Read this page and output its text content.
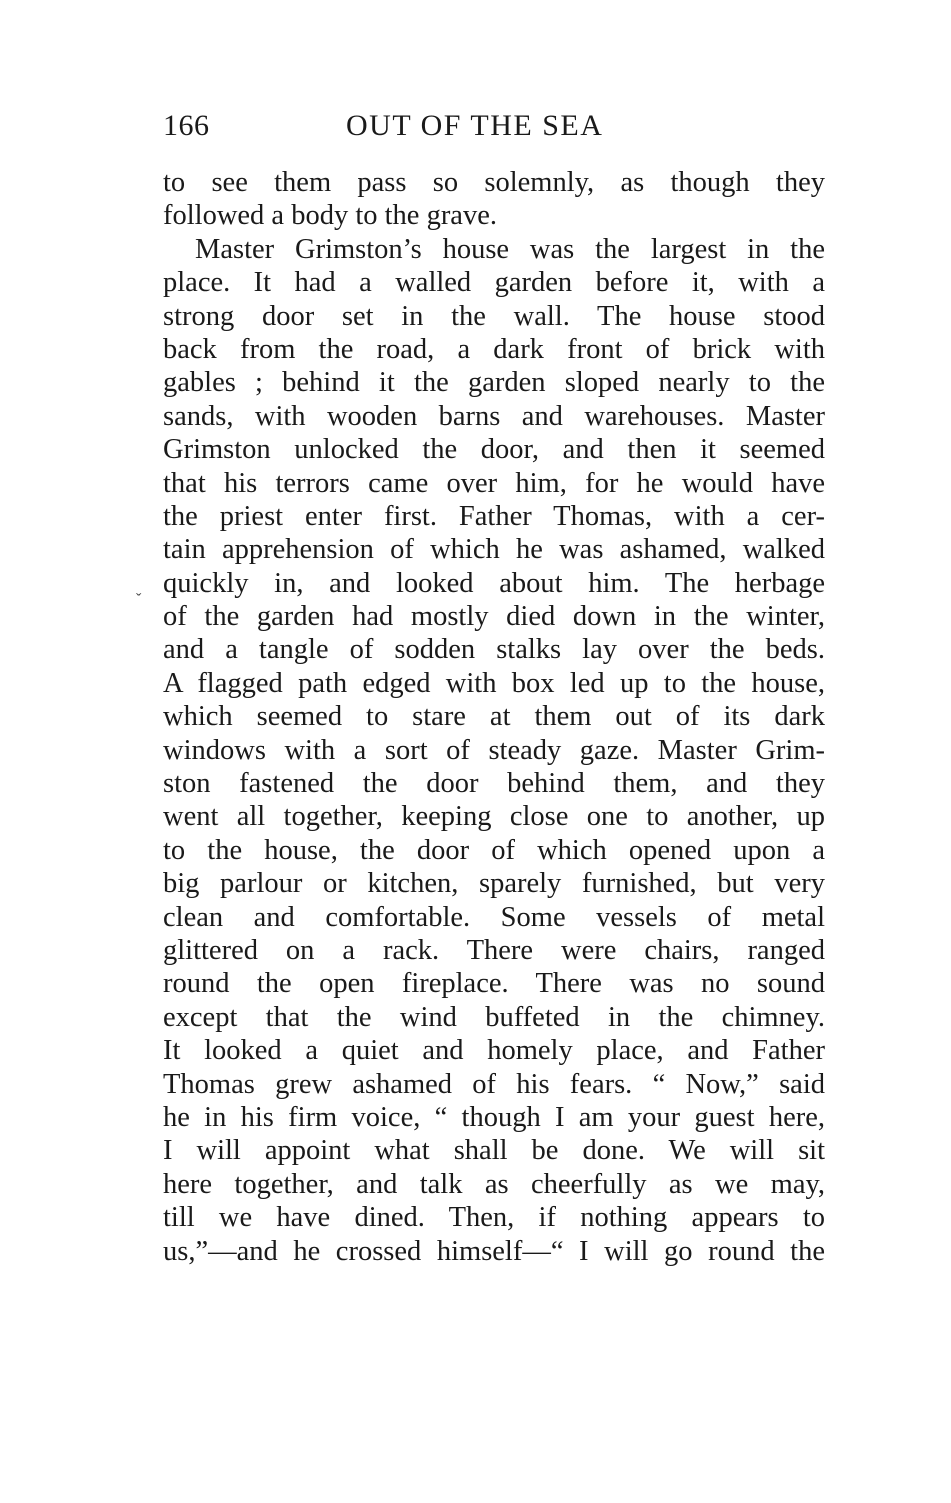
166	OUT OF THE SEA
ˇ
to see them pass so solemnly, as though they
followed a body to the grave.
Master Grimston’s house was the largest in the
place. It had a walled garden before it, with a
strong door set in the wall. The house stood
back from the road, a dark front of brick with
gables ; behind it the garden sloped nearly to the
sands, with wooden barns and warehouses. Master
Grimston unlocked the door, and then it seemed
that his terrors came over him, for he would have
the priest enter first. Father Thomas, with a cer-
tain apprehension of which he was ashamed, walked
quickly in, and looked about him. The herbage
of the garden had mostly died down in the winter,
and a tangle of sodden stalks lay over the beds.
A flagged path edged with box led up to the house,
which seemed to stare at them out of its dark
windows with a sort of steady gaze. Master Grim-
ston fastened the door behind them, and they
went all together, keeping close one to another, up
to the house, the door of which opened upon a
big parlour or kitchen, sparely furnished, but very
clean and comfortable. Some vessels of metal
glittered on a rack. There were chairs, ranged
round the open fireplace. There was no sound
except that the wind buffeted in the chimney.
It looked a quiet and homely place, and Father
Thomas grew ashamed of his fears. “ Now,” said
he in his firm voice, “ though I am your guest here,
I will appoint what shall be done. We will sit
here together, and talk as cheerfully as we may,
till we have dined. Then, if nothing appears to
us,”—and he crossed himself—“ I will go round the
